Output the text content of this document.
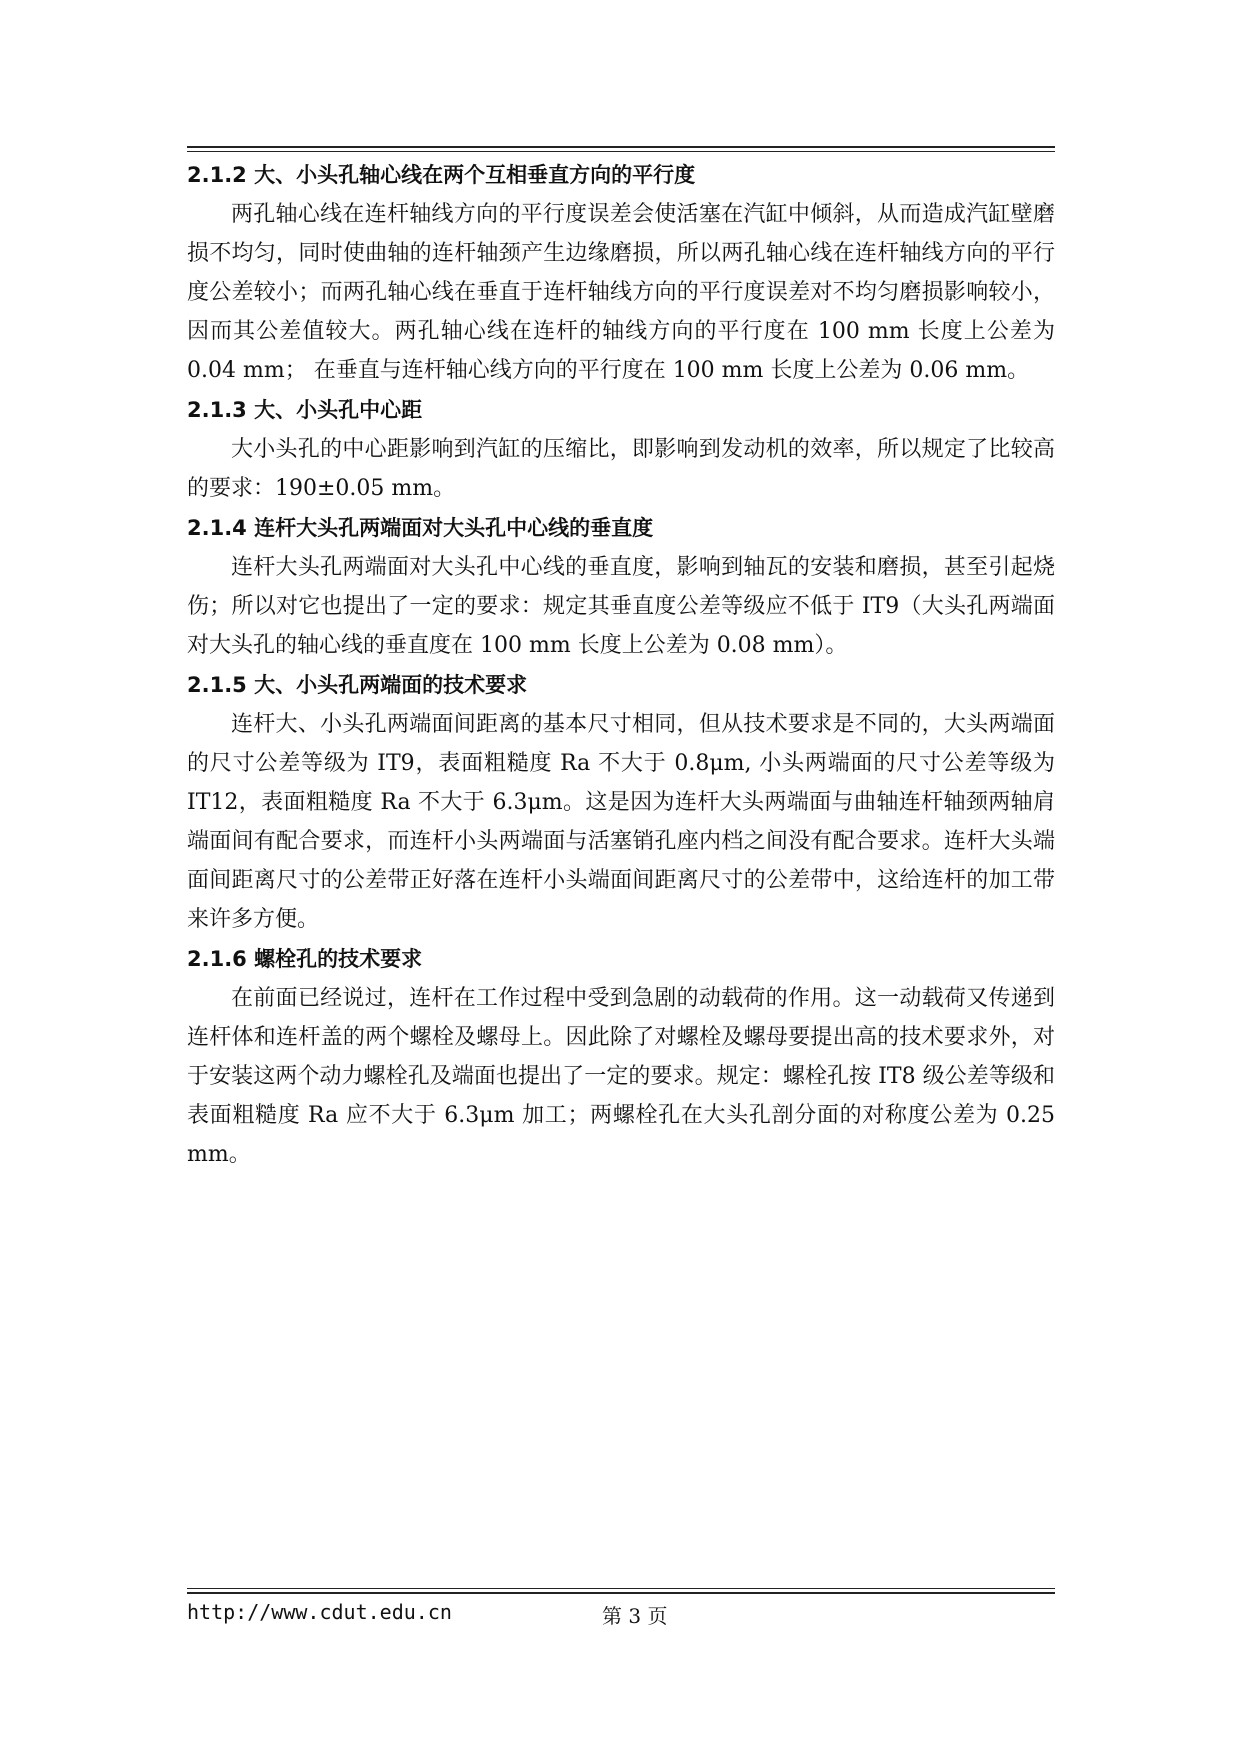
2.1.2 大、小头孔轴心线在两个互相垂直方向的平行度

两孔轴心线在连杆轴线方向的平行度误差会使活塞在汽缸中倾斜，从而造成汽缸壁磨损不均匀，同时使曲轴的连杆轴颈产生边缘磨损，所以两孔轴心线在连杆轴线方向的平行度公差较小；而两孔轴心线在垂直于连杆轴线方向的平行度误差对不均匀磨损影响较小，因而其公差值较大。两孔轴心线在连杆的轴线方向的平行度在 100 mm 长度上公差为 0.04 mm； 在垂直与连杆轴心线方向的平行度在 100 mm 长度上公差为 0.06 mm。

2.1.3 大、小头孔中心距

大小头孔的中心距影响到汽缸的压缩比，即影响到发动机的效率，所以规定了比较高的要求：190±0.05 mm。

2.1.4 连杆大头孔两端面对大头孔中心线的垂直度

连杆大头孔两端面对大头孔中心线的垂直度，影响到轴瓦的安装和磨损，甚至引起烧伤；所以对它也提出了一定的要求：规定其垂直度公差等级应不低于 IT9（大头孔两端面对大头孔的轴心线的垂直度在 100 mm 长度上公差为 0.08 mm）。

2.1.5 大、小头孔两端面的技术要求

连杆大、小头孔两端面间距离的基本尺寸相同，但从技术要求是不同的，大头两端面的尺寸公差等级为 IT9，表面粗糙度 Ra 不大于 0.8μm, 小头两端面的尺寸公差等级为 IT12，表面粗糙度 Ra 不大于 6.3μm。这是因为连杆大头两端面与曲轴连杆轴颈两轴肩端面间有配合要求，而连杆小头两端面与活塞销孔座内档之间没有配合要求。连杆大头端面间距离尺寸的公差带正好落在连杆小头端面间距离尺寸的公差带中，这给连杆的加工带来许多方便。

2.1.6 螺栓孔的技术要求

在前面已经说过，连杆在工作过程中受到急剧的动载荷的作用。这一动载荷又传递到连杆体和连杆盖的两个螺栓及螺母上。因此除了对螺栓及螺母要提出高的技术要求外，对于安装这两个动力螺栓孔及端面也提出了一定的要求。规定：螺栓孔按 IT8 级公差等级和表面粗糙度 Ra 应不大于 6.3μm 加工；两螺栓孔在大头孔剖分面的对称度公差为 0.25 mm。

http://www.cdut.edu.cn	第 3 页
